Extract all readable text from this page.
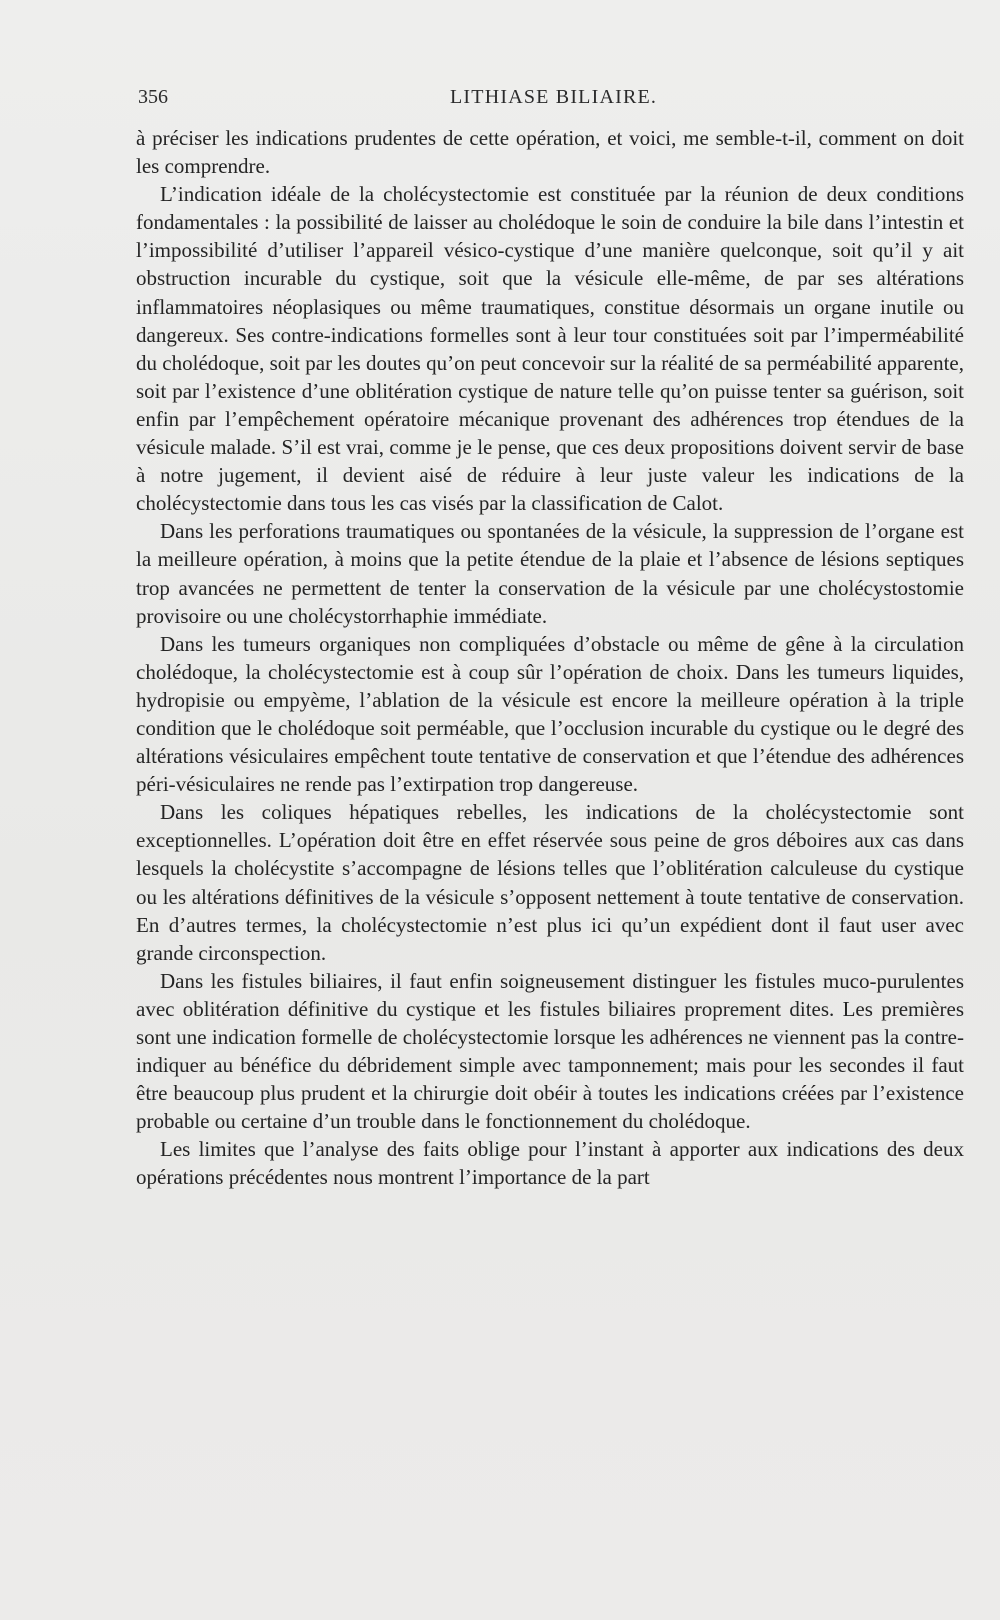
356	LITHIASE BILIAIRE.

à préciser les indications prudentes de cette opération, et voici, me semble-t-il, comment on doit les comprendre.

L’indication idéale de la cholécystectomie est constituée par la réunion de deux conditions fondamentales : la possibilité de laisser au cholédoque le soin de conduire la bile dans l’intestin et l’impossibilité d’utiliser l’appareil vésico-cystique d’une manière quelconque, soit qu’il y ait obstruction incurable du cystique, soit que la vésicule elle-même, de par ses altérations inflammatoires néoplasiques ou même traumatiques, constitue désormais un organe inutile ou dangereux. Ses contre-indications formelles sont à leur tour constituées soit par l’imperméabilité du cholédoque, soit par les doutes qu’on peut concevoir sur la réalité de sa perméabilité apparente, soit par l’existence d’une oblitération cystique de nature telle qu’on puisse tenter sa guérison, soit enfin par l’empêchement opératoire mécanique provenant des adhérences trop étendues de la vésicule malade. S’il est vrai, comme je le pense, que ces deux propositions doivent servir de base à notre jugement, il devient aisé de réduire à leur juste valeur les indications de la cholécystectomie dans tous les cas visés par la classification de Calot.

Dans les perforations traumatiques ou spontanées de la vésicule, la suppression de l’organe est la meilleure opération, à moins que la petite étendue de la plaie et l’absence de lésions septiques trop avancées ne permettent de tenter la conservation de la vésicule par une cholécystostomie provisoire ou une cholécystorrhaphie immédiate.

Dans les tumeurs organiques non compliquées d’obstacle ou même de gêne à la circulation cholédoque, la cholécystectomie est à coup sûr l’opération de choix. Dans les tumeurs liquides, hydropisie ou empyème, l’ablation de la vésicule est encore la meilleure opération à la triple condition que le cholédoque soit perméable, que l’occlusion incurable du cystique ou le degré des altérations vésiculaires empêchent toute tentative de conservation et que l’étendue des adhérences péri-vésiculaires ne rende pas l’extirpation trop dangereuse.

Dans les coliques hépatiques rebelles, les indications de la cholécystectomie sont exceptionnelles. L’opération doit être en effet réservée sous peine de gros déboires aux cas dans lesquels la cholécystite s’accompagne de lésions telles que l’oblitération calculeuse du cystique ou les altérations définitives de la vésicule s’opposent nettement à toute tentative de conservation. En d’autres termes, la cholécystectomie n’est plus ici qu’un expédient dont il faut user avec grande circonspection.

Dans les fistules biliaires, il faut enfin soigneusement distinguer les fistules muco-purulentes avec oblitération définitive du cystique et les fistules biliaires proprement dites. Les premières sont une indication formelle de cholécystectomie lorsque les adhérences ne viennent pas la contre-indiquer au bénéfice du débridement simple avec tamponnement; mais pour les secondes il faut être beaucoup plus prudent et la chirurgie doit obéir à toutes les indications créées par l’existence probable ou certaine d’un trouble dans le fonctionnement du cholédoque.

Les limites que l’analyse des faits oblige pour l’instant à apporter aux indications des deux opérations précédentes nous montrent l’importance de la part
